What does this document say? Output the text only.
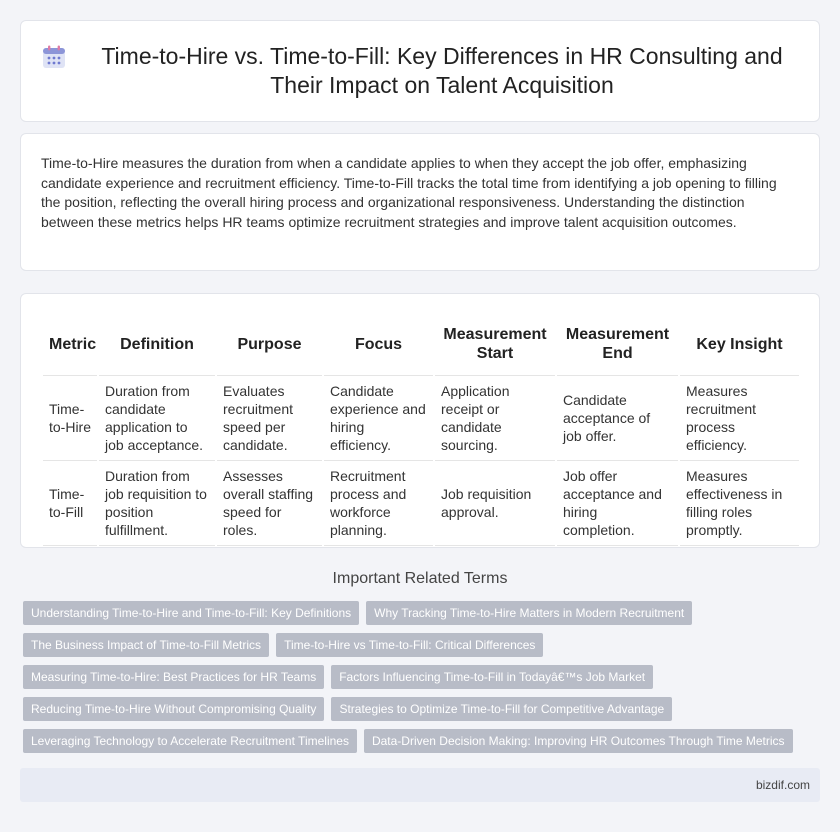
Time-to-Hire vs. Time-to-Fill: Key Differences in HR Consulting and Their Impact on Talent Acquisition

Time-to-Hire measures the duration from when a candidate applies to when they accept the job offer, emphasizing candidate experience and recruitment efficiency. Time-to-Fill tracks the total time from identifying a job opening to filling the position, reflecting the overall hiring process and organizational responsiveness. Understanding the distinction between these metrics helps HR teams optimize recruitment strategies and improve talent acquisition outcomes.

Metric	Definition	Purpose	Focus	Measurement Start	Measurement End	Key Insight
Time-to-Hire	Duration from candidate application to job acceptance.	Evaluates recruitment speed per candidate.	Candidate experience and hiring efficiency.	Application receipt or candidate sourcing.	Candidate acceptance of job offer.	Measures recruitment process efficiency.
Time-to-Fill	Duration from job requisition to position fulfillment.	Assesses overall staffing speed for roles.	Recruitment process and workforce planning.	Job requisition approval.	Job offer acceptance and hiring completion.	Measures effectiveness in filling roles promptly.
Important Related Terms
Understanding Time-to-Hire and Time-to-Fill: Key Definitions	Why Tracking Time-to-Hire Matters in Modern Recruitment
The Business Impact of Time-to-Fill Metrics	Time-to-Hire vs Time-to-Fill: Critical Differences
Measuring Time-to-Hire: Best Practices for HR Teams	Factors Influencing Time-to-Fill in Todayâ€™s Job Market
Reducing Time-to-Hire Without Compromising Quality	Strategies to Optimize Time-to-Fill for Competitive Advantage
Leveraging Technology to Accelerate Recruitment Timelines	Data-Driven Decision Making: Improving HR Outcomes Through Time Metrics
bizdif.com
